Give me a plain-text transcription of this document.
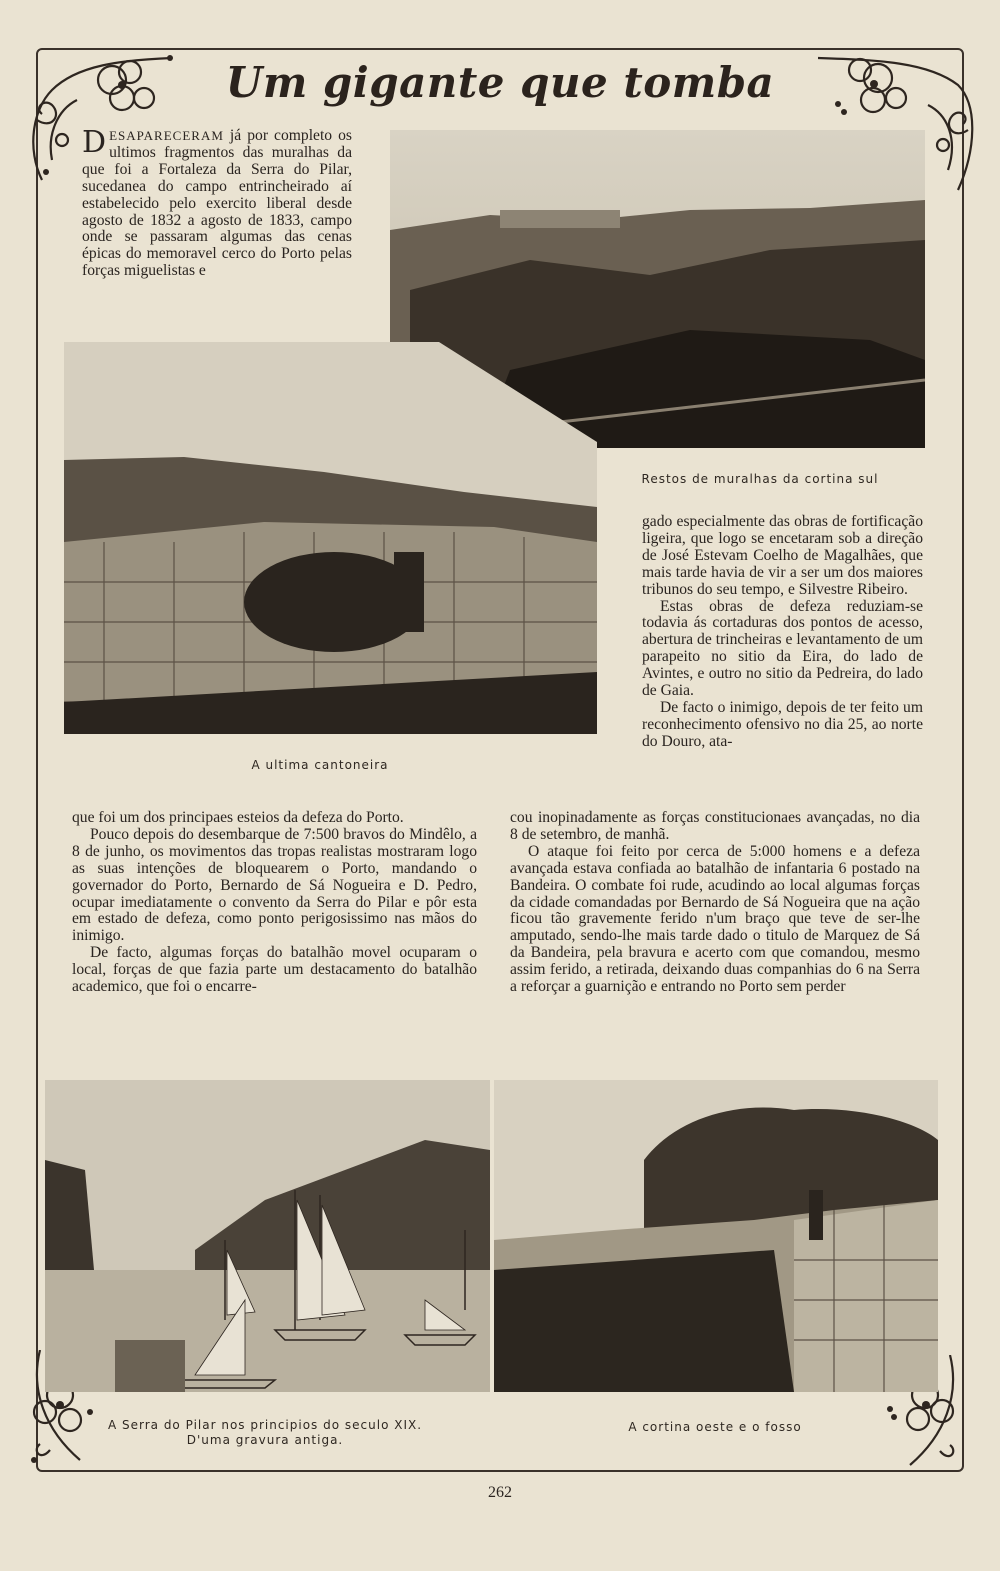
Um gigante que tomba

DESAPARECERAM já por completo os ultimos fragmentos das muralhas da que foi a Fortaleza da Serra do Pilar, sucedanea do campo entrincheirado aí estabelecido pelo exercito liberal desde agosto de 1832 a agosto de 1833, campo onde se passaram algumas das cenas épicas do memoravel cerco do Porto pelas forças miguelistas e

Restos de muralhas da cortina sul
A ultima cantoneira

gado especialmente das obras de fortificação ligeira, que logo se encetaram sob a direção de José Estevam Coelho de Magalhães, que mais tarde havia de vir a ser um dos maiores tribunos do seu tempo, e Silvestre Ribeiro.

Estas obras de defeza reduziam-se todavia ás cortaduras dos pontos de acesso, abertura de trincheiras e levantamento de um parapeito no sitio da Eira, do lado de Avintes, e outro no sitio da Pedreira, do lado de Gaia.

De facto o inimigo, depois de ter feito um reconhecimento ofensivo no dia 25, ao norte do Douro, ata-

que foi um dos principaes esteios da defeza do Porto.

Pouco depois do desembarque de 7:500 bravos do Mindêlo, a 8 de junho, os movimentos das tropas realistas mostraram logo as suas intenções de bloquearem o Porto, mandando o governador do Porto, Bernardo de Sá Nogueira e D. Pedro, ocupar imediatamente o convento da Serra do Pilar e pôr esta em estado de defeza, como ponto perigosissimo nas mãos do inimigo.

De facto, algumas forças do batalhão movel ocuparam o local, forças de que fazia parte um destacamento do batalhão academico, que foi o encarre-

cou inopinadamente as forças constitucionaes avançadas, no dia 8 de setembro, de manhã.

O ataque foi feito por cerca de 5:000 homens e a defeza avançada estava confiada ao batalhão de infantaria 6 postado na Bandeira. O combate foi rude, acudindo ao local algumas forças da cidade comandadas por Bernardo de Sá Nogueira que na ação ficou tão gravemente ferido n'um braço que teve de ser-lhe amputado, sendo-lhe mais tarde dado o titulo de Marquez de Sá da Bandeira, pela bravura e acerto com que comandou, mesmo assim ferido, a retirada, deixando duas companhias do 6 na Serra a reforçar a guarnição e entrando no Porto sem perder

A Serra do Pilar nos principios do seculo XIX.
D'uma gravura antiga.
A cortina oeste e o fosso
262
